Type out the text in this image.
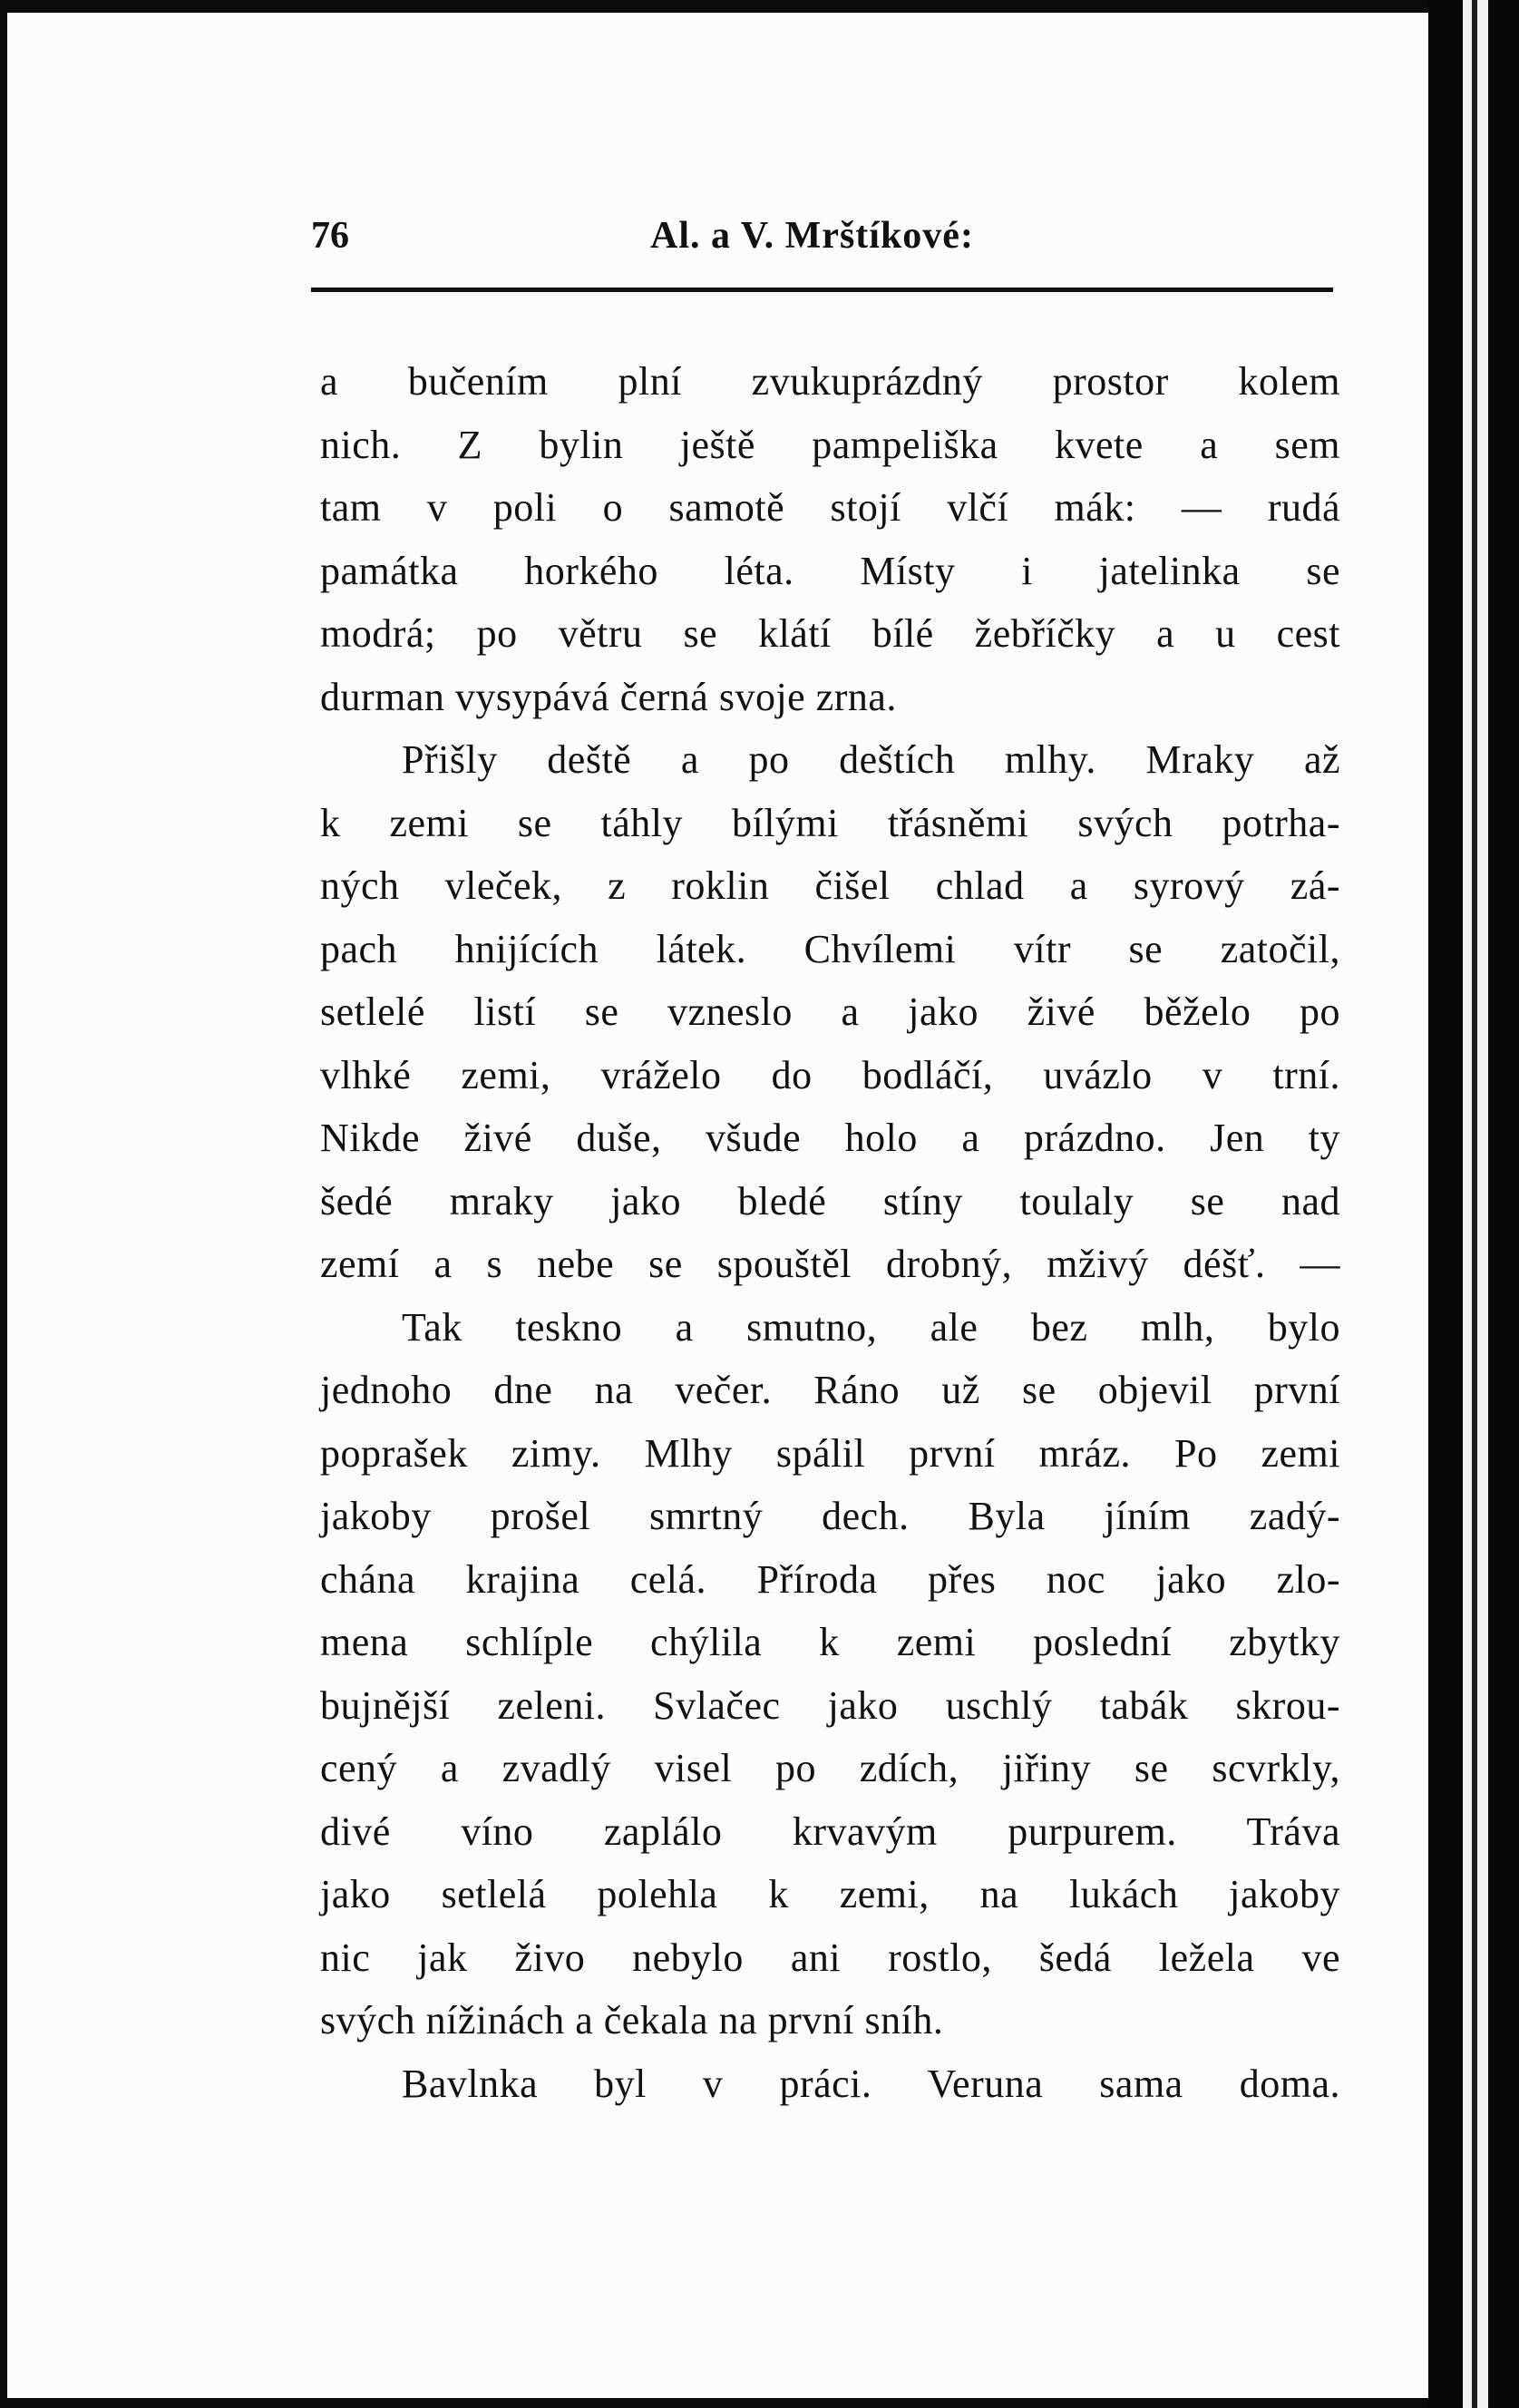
76	Al. a V. Mrštíkové:
a bučením plní zvukuprázdný prostor kolem
nich. Z bylin ještě pampeliška kvete a sem
tam v poli o samotě stojí vlčí mák: — rudá
památka horkého léta. Místy i jatelinka se
modrá; po větru se klátí bílé žebříčky a u cest
durman vysypává černá svoje zrna.
Přišly deště a po deštích mlhy. Mraky až
k zemi se táhly bílými třásněmi svých potrha-
ných vleček, z roklin čišel chlad a syrový zá-
pach hnijících látek. Chvílemi vítr se zatočil,
setlelé listí se vzneslo a jako živé běželo po
vlhké zemi, vráželo do bodláčí, uvázlo v trní.
Nikde živé duše, všude holo a prázdno. Jen ty
šedé mraky jako bledé stíny toulaly se nad
zemí a s nebe se spouštěl drobný, mživý déšť. —
Tak teskno a smutno, ale bez mlh, bylo
jednoho dne na večer. Ráno už se objevil první
poprašek zimy. Mlhy spálil první mráz. Po zemi
jakoby prošel smrtný dech. Byla jíním zadý-
chána krajina celá. Příroda přes noc jako zlo-
mena schlíple chýlila k zemi poslední zbytky
bujnější zeleni. Svlačec jako uschlý tabák skrou-
cený a zvadlý visel po zdích, jiřiny se scvrkly,
divé víno zaplálo krvavým purpurem. Tráva
jako setlelá polehla k zemi, na lukách jakoby
nic jak živo nebylo ani rostlo, šedá ležela ve
svých nížinách a čekala na první sníh.
Bavlnka byl v práci. Veruna sama doma.
